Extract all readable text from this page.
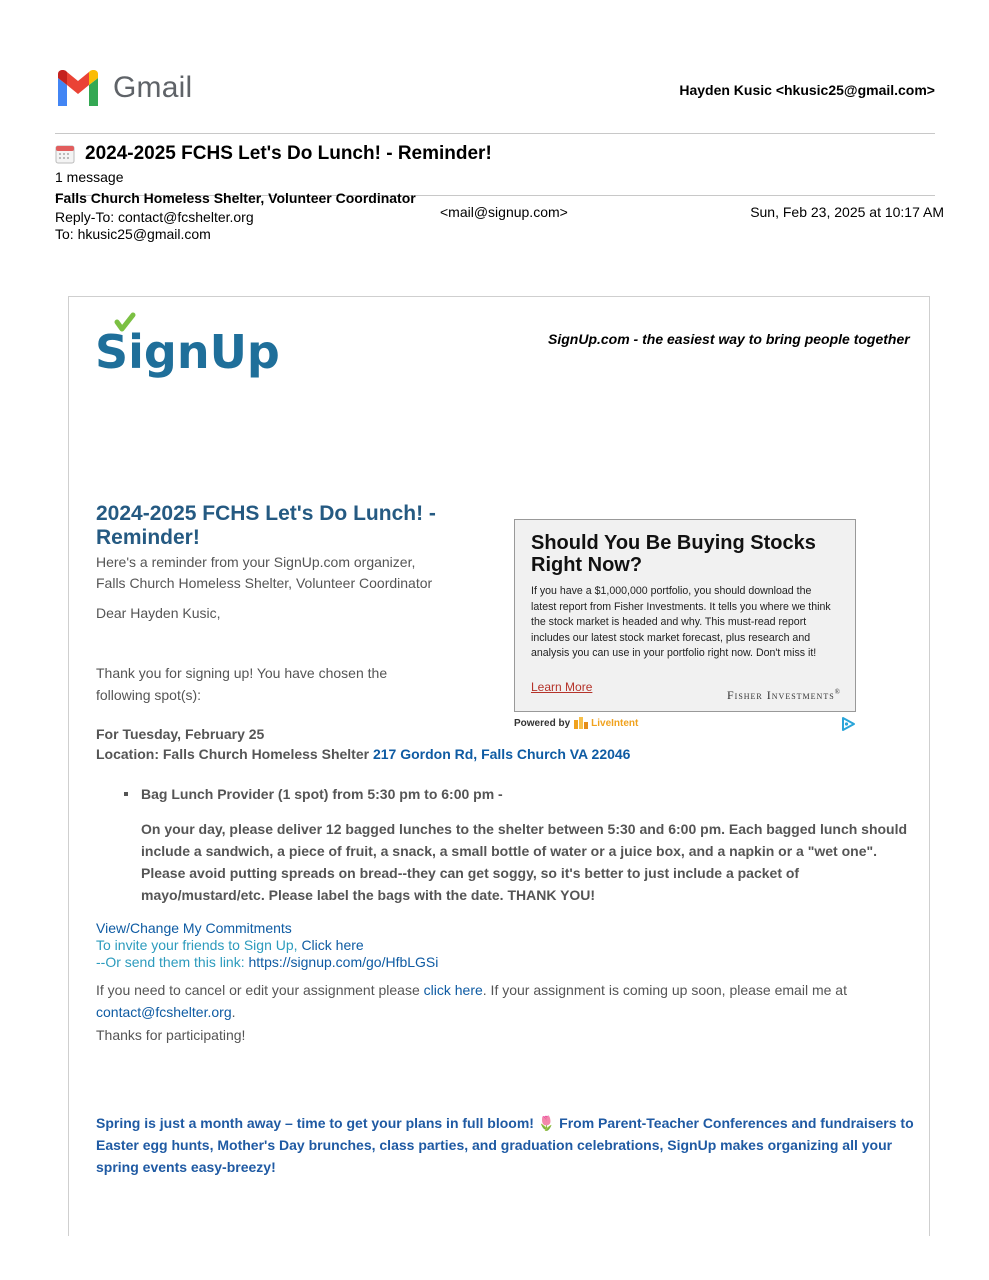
Gmail	Hayden Kusic <hkusic25@gmail.com>
2024-2025 FCHS Let's Do Lunch! - Reminder!
1 message
Falls Church Homeless Shelter, Volunteer Coordinator
<mail@signup.com>	Sun, Feb 23, 2025 at 10:17 AM
Reply-To: contact@fcshelter.org
To: hkusic25@gmail.com
SignUp	SignUp.com - the easiest way to bring people together
2024-2025 FCHS Let's Do Lunch! - Reminder!
Here's a reminder from your SignUp.com organizer,
Falls Church Homeless Shelter, Volunteer Coordinator
Dear Hayden Kusic,
Thank you for signing up! You have chosen the
following spot(s):
Should You Be Buying Stocks Right Now?
If you have a $1,000,000 portfolio, you should download the latest report from Fisher Investments. It tells you where we think the stock market is headed and why. This must-read report includes our latest stock market forecast, plus research and analysis you can use in your portfolio right now. Don't miss it!
Learn More
Fisher Investments®
Powered by LiveIntent
For Tuesday, February 25
Location: Falls Church Homeless Shelter 217 Gordon Rd, Falls Church VA 22046
Bag Lunch Provider (1 spot) from 5:30 pm to 6:00 pm -
On your day, please deliver 12 bagged lunches to the shelter between 5:30 and 6:00 pm. Each bagged lunch should include a sandwich, a piece of fruit, a snack, a small bottle of water or a juice box, and a napkin or a "wet one". Please avoid putting spreads on bread--they can get soggy, so it's better to just include a packet of mayo/mustard/etc. Please label the bags with the date. THANK YOU!
View/Change My Commitments
To invite your friends to Sign Up, Click here
--Or send them this link: https://signup.com/go/HfbLGSi
If you need to cancel or edit your assignment please click here. If your assignment is coming up soon, please email me at
contact@fcshelter.org.
Thanks for participating!
Spring is just a month away – time to get your plans in full bloom! 🌷 From Parent-Teacher Conferences and fundraisers to Easter egg hunts, Mother's Day brunches, class parties, and graduation celebrations, SignUp makes organizing all your spring events easy-breezy!
